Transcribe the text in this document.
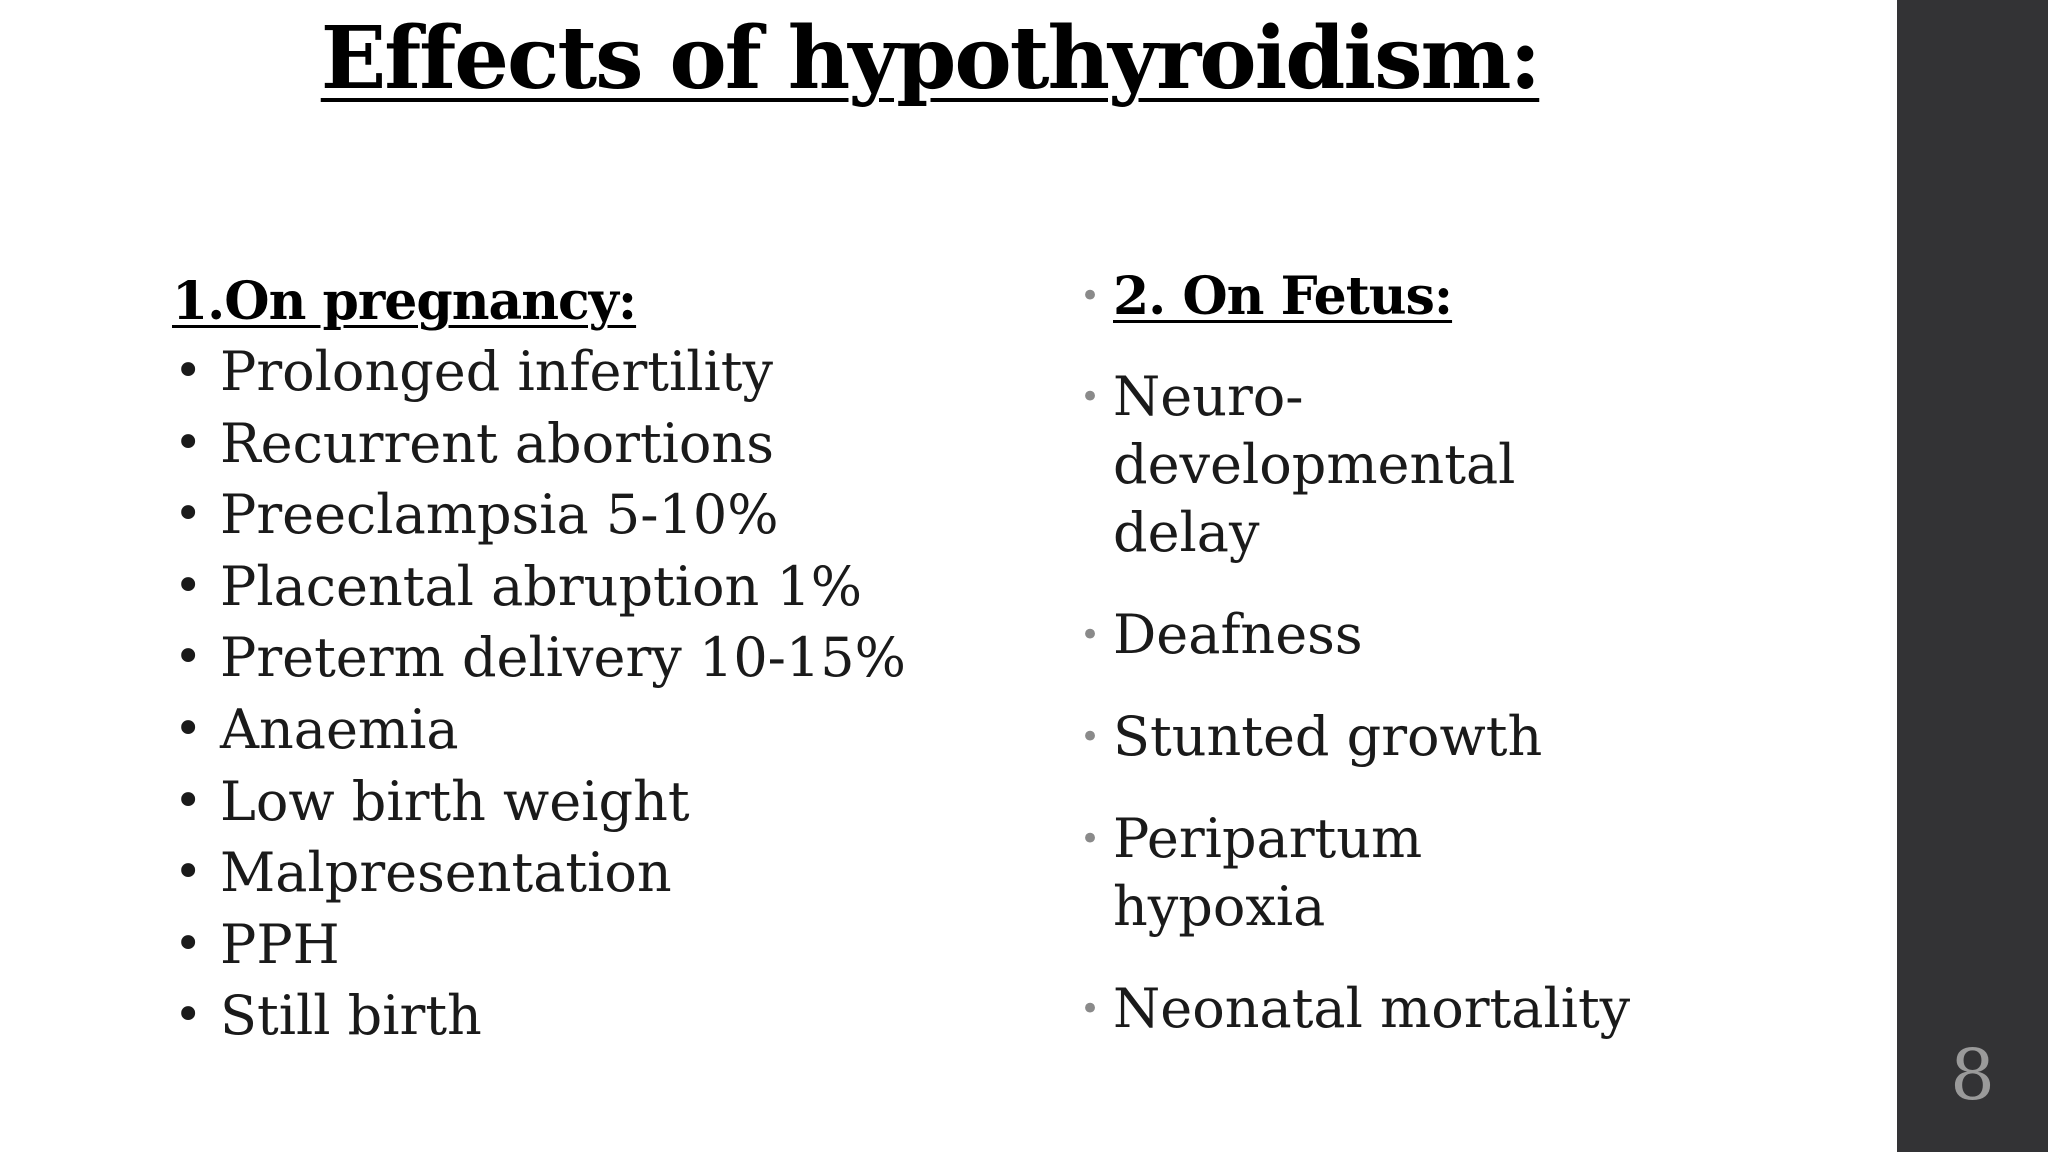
Effects of hypothyroidism:
1.On pregnancy:
• Prolonged infertility
• Recurrent abortions
• Preeclampsia 5-10%
• Placental abruption 1%
• Preterm delivery 10-15%
• Anaemia
• Low birth weight
• Malpresentation
• PPH
• Still birth
• 2. On Fetus:
• Neuro-developmental delay
• Deafness
• Stunted growth
• Peripartum hypoxia
• Neonatal mortality
8
